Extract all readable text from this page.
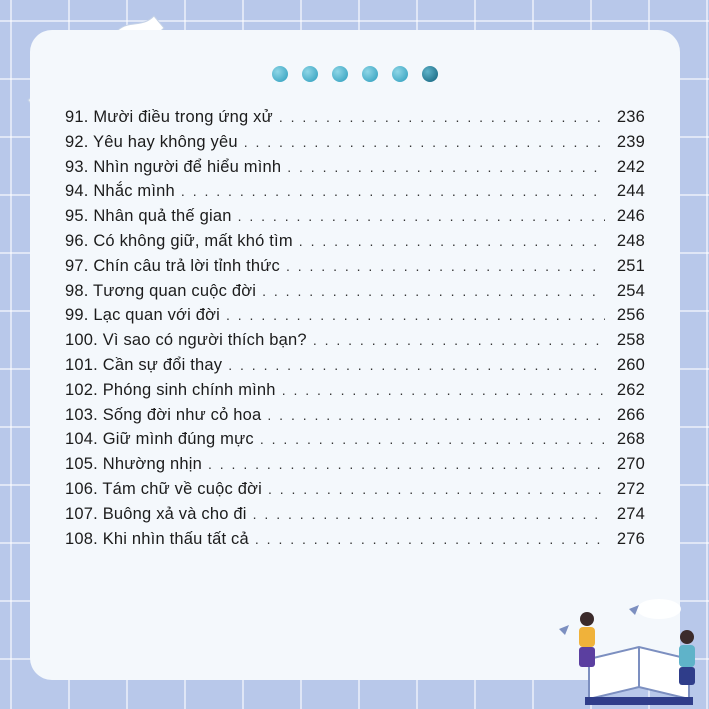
91. Mười điều trong ứng xử . . .	236
92. Yêu hay không yêu . . .	239
93. Nhìn người để hiểu mình . . .	242
94. Nhắc mình . . .	244
95. Nhân quả thế gian . . .	246
96. Có không giữ, mất khó tìm . . .	248
97. Chín câu trả lời tỉnh thức . . .	251
98. Tương quan cuộc đời . . .	254
99. Lạc quan với đời . . .	256
100. Vì sao có người thích bạn? . . .	258
101. Cần sự đổi thay . . .	260
102. Phóng sinh chính mình . . .	262
103. Sống đời như cỏ hoa . . .	266
104. Giữ mình đúng mực . . .	268
105. Nhường nhịn . . .	270
106. Tám chữ về cuộc đời . . .	272
107. Buông xả và cho đi . . .	274
108. Khi nhìn thấu tất cả . . .	276
